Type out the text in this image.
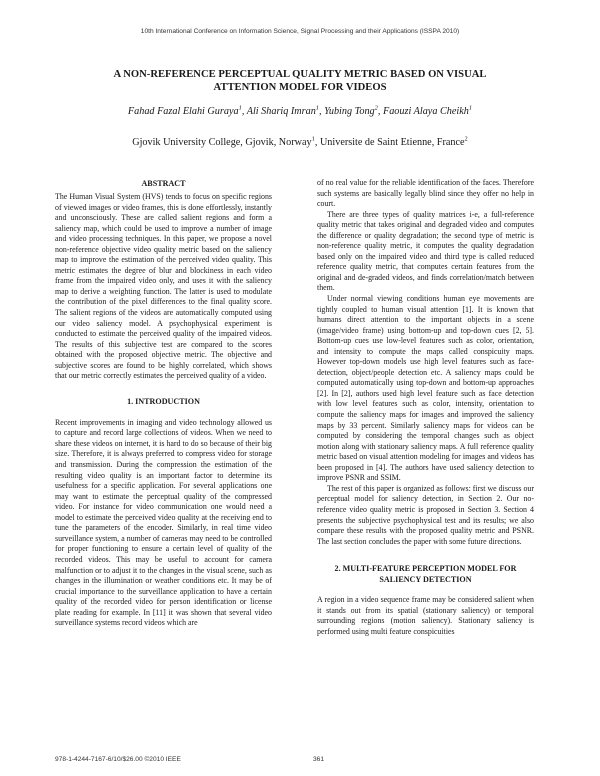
10th International Conference on Information Science, Signal Processing and their Applications (ISSPA 2010)
A NON-REFERENCE PERCEPTUAL QUALITY METRIC BASED ON VISUAL
ATTENTION MODEL FOR VIDEOS
Fahad Fazal Elahi Guraya$^1$, Ali Shariq Imran$^1$, Yubing Tong$^2$, Faouzi Alaya Cheikh$^1$
Gjovik University College, Gjovik, Norway$^1$, Universite de Saint Etienne, France$^2$
ABSTRACT

The Human Visual System (HVS) tends to focus on specific regions of viewed images or video frames, this is done effortlessly, instantly and unconsciously. These are called salient regions and form a saliency map, which could be used to improve a number of image and video processing techniques. In this paper, we propose a novel non-reference objective video quality metric based on the saliency map to improve the estimation of the perceived video quality. This metric estimates the degree of blur and blockiness in each video frame from the impaired video only, and uses it with the saliency map to derive a weighting function. The latter is used to modulate the contribution of the pixel differences to the final quality score. The salient regions of the videos are automatically computed using our video saliency model. A psychophysical experiment is conducted to estimate the perceived quality of the impaired videos. The results of this subjective test are compared to the scores obtained with the proposed objective metric. The objective and subjective scores are found to be highly correlated, which shows that our metric correctly estimates the perceived quality of a video.

1. INTRODUCTION

Recent improvements in imaging and video technology allowed us to capture and record large collections of videos. When we need to share these videos on internet, it is hard to do so because of their big size. Therefore, it is always preferred to compress video for storage and transmission. During the compression the estimation of the resulting video quality is an important factor to determine its usefulness for a specific application. For several applications one may want to estimate the perceptual quality of the compressed video. For instance for video communication one would need a model to estimate the perceived video quality at the receiving end to tune the parameters of the encoder. Similarly, in real time video surveillance system, a number of cameras may need to be controlled for proper functioning to ensure a certain level of quality of the recorded videos. This may be useful to account for camera malfunction or to adjust it to the changes in the visual scene, such as changes in the illumination or weather conditions etc. It may be of crucial importance to the surveillance application to have a certain quality of the recorded video for person identification or license plate reading for example. In [11] it was shown that several video surveillance systems record videos which are

of no real value for the reliable identification of the faces. Therefore such systems are basically legally blind since they offer no help in court.

There are three types of quality matrices i-e, a full-reference quality metric that takes original and degraded video and computes the difference or quality degradation; the second type of metric is non-reference quality metric, it computes the quality degradation based only on the impaired video and third type is called reduced reference quality metric, that computes certain features from the original and de-graded videos, and finds correlation/match between them.

Under normal viewing conditions human eye movements are tightly coupled to human visual attention [1]. It is known that humans direct attention to the important objects in a scene (image/video frame) using bottom-up and top-down cues [2, 5]. Bottom-up cues use low-level features such as color, orientation, and intensity to compute the maps called conspicuity maps. However top-down models use high level features such as face-detection, object/people detection etc. A saliency maps could be computed automatically using top-down and bottom-up approaches [2]. In [2], authors used high level feature such as face detection with low level features such as color, intensity, orientation to compute the saliency maps for images and improved the saliency maps by 33 percent. Similarly saliency maps for videos can be computed by considering the temporal changes such as object motion along with stationary saliency maps. A full reference quality metric based on visual attention modeling for images and videos has been proposed in [4]. The authors have used saliency detection to improve PSNR and SSIM.

The rest of this paper is organized as follows: first we discuss our perceptual model for saliency detection, in Section 2. Our no-reference video quality metric is proposed in Section 3. Section 4 presents the subjective psychophysical test and its results; we also compare these results with the proposed quality metric and PSNR. The last section concludes the paper with some future directions.

2. MULTI-FEATURE PERCEPTION MODEL FOR
SALIENCY DETECTION

A region in a video sequence frame may be considered salient when it stands out from its spatial (stationary saliency) or temporal surrounding regions (motion saliency). Stationary saliency is performed using multi feature conspicuities

978-1-4244-7167-6/10/$26.00 ©2010 IEEE	361
